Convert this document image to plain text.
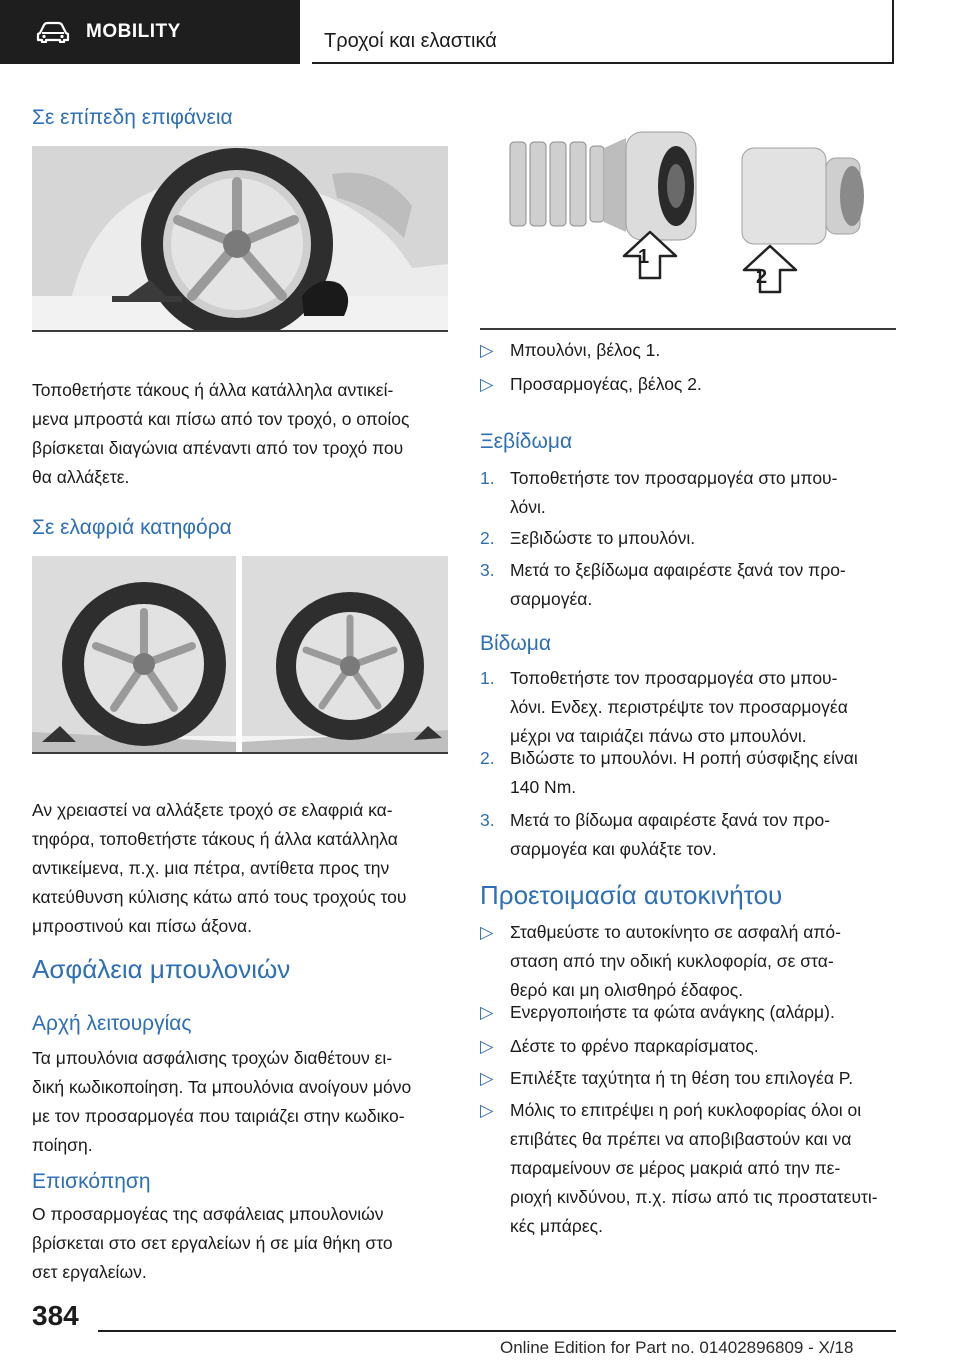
MOBILITY	Τροχοί και ελαστικά
Σε επίπεδη επιφάνεια
Τοποθετήστε τάκους ή άλλα κατάλληλα αντικεί‐
μενα μπροστά και πίσω από τον τροχό, ο οποίος
βρίσκεται διαγώνια απέναντι από τον τροχό που
θα αλλάξετε.
Σε ελαφριά κατηφόρα
Αν χρειαστεί να αλλάξετε τροχό σε ελαφριά κα‐
τηφόρα, τοποθετήστε τάκους ή άλλα κατάλληλα
αντικείμενα, π.χ. μια πέτρα, αντίθετα προς την
κατεύθυνση κύλισης κάτω από τους τροχούς του
μπροστινού και πίσω άξονα.
Ασφάλεια μπουλονιών
Αρχή λειτουργίας
Τα μπουλόνια ασφάλισης τροχών διαθέτουν ει‐
δική κωδικοποίηση. Τα μπουλόνια ανοίγουν μόνο
με τον προσαρμογέα που ταιριάζει στην κωδικο‐
ποίηση.
Επισκόπηση
Ο προσαρμογέας της ασφάλειας μπουλονιών
βρίσκεται στο σετ εργαλείων ή σε μία θήκη στο
σετ εργαλείων.
1
2
▷ Μπουλόνι, βέλος 1.
▷ Προσαρμογέας, βέλος 2.
Ξεβίδωμα
1. Τοποθετήστε τον προσαρμογέα στο μπου‐
λόνι.
2. Ξεβιδώστε το μπουλόνι.
3. Μετά το ξεβίδωμα αφαιρέστε ξανά τον προ‐
σαρμογέα.
Βίδωμα
1. Τοποθετήστε τον προσαρμογέα στο μπου‐
λόνι. Ενδεχ. περιστρέψτε τον προσαρμογέα
μέχρι να ταιριάζει πάνω στο μπουλόνι.
2. Βιδώστε το μπουλόνι. Η ροπή σύσφιξης είναι
140 Nm.
3. Μετά το βίδωμα αφαιρέστε ξανά τον προ‐
σαρμογέα και φυλάξτε τον.
Προετοιμασία αυτοκινήτου
▷ Σταθμεύστε το αυτοκίνητο σε ασφαλή από‐
σταση από την οδική κυκλοφορία, σε στα‐
θερό και μη ολισθηρό έδαφος.
▷ Ενεργοποιήστε τα φώτα ανάγκης (αλάρμ).
▷ Δέστε το φρένο παρκαρίσματος.
▷ Επιλέξτε ταχύτητα ή τη θέση του επιλογέα P.
▷ Μόλις το επιτρέψει η ροή κυκλοφορίας όλοι οι
επιβάτες θα πρέπει να αποβιβαστούν και να
παραμείνουν σε μέρος μακριά από την πε‐
ριοχή κινδύνου, π.χ. πίσω από τις προστατευτι‐
κές μπάρες.
384
Online Edition for Part no. 01402896809 - X/18
